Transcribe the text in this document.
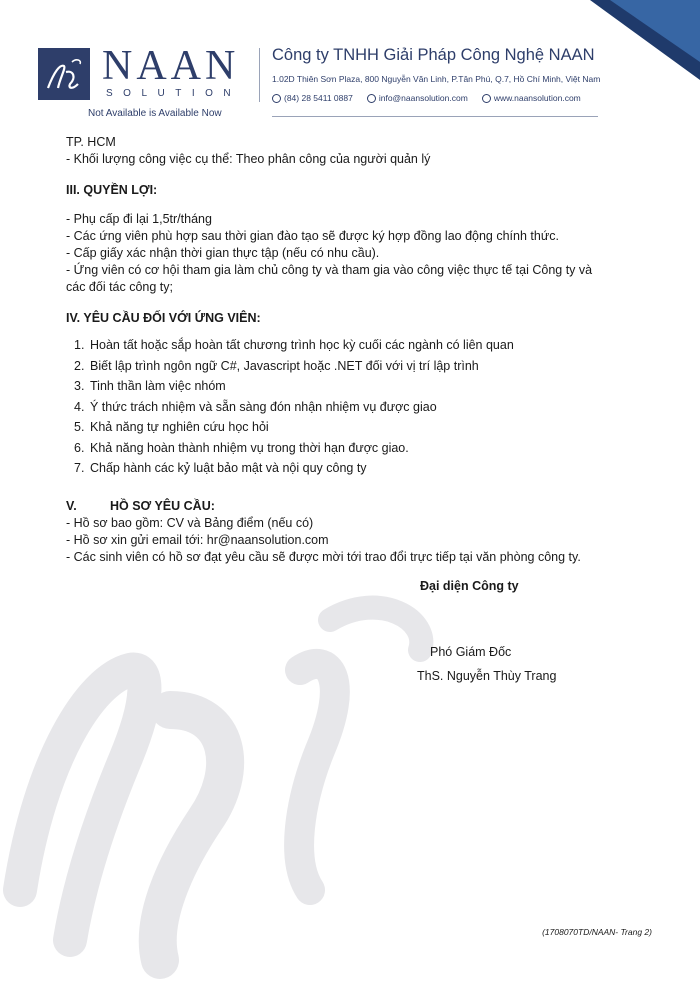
NAAN
SOLUTION
Not Available is Available Now
Công ty TNHH Giải Pháp Công Nghệ NAAN
1.02D Thiên Sơn Plaza, 800 Nguyễn Văn Linh, P.Tân Phú, Q.7, Hồ Chí Minh, Việt Nam
(84) 28 5411 0887	info@naansolution.com	www.naansolution.com

TP. HCM

- Khối lượng công việc cụ thể: Theo phân công của người quản lý

III. QUYỀN LỢI:

- Phụ cấp đi lại 1,5tr/tháng

- Các ứng viên phù hợp sau thời gian đào tạo sẽ được ký hợp đồng lao động chính thức.

- Cấp giấy xác nhận thời gian thực tập (nếu có nhu cầu).

- Ứng viên có cơ hội tham gia làm chủ công ty và tham gia vào công việc thực tế tại Công ty và

các đối tác công ty;

IV. YÊU CẦU ĐỐI VỚI ỨNG VIÊN:

1. Hoàn tất hoặc sắp hoàn tất chương trình học kỳ cuối các ngành có liên quan
2. Biết lập trình ngôn ngữ C#, Javascript hoặc .NET đối với vị trí lập trình
3. Tinh thần làm việc nhóm
4. Ý thức trách nhiệm và sẵn sàng đón nhận nhiệm vụ được giao
5. Khả năng tự nghiên cứu học hỏi
6. Khả năng hoàn thành nhiệm vụ trong thời hạn được giao.
7. Chấp hành các kỷ luật bảo mật và nội quy công ty

V.	HỒ SƠ YÊU CẦU:

- Hồ sơ bao gồm: CV và Bảng điểm (nếu có)

- Hồ sơ xin gửi email tới: hr@naansolution.com

- Các sinh viên có hồ sơ đạt yêu cầu sẽ được mời tới trao đổi trực tiếp tại văn phòng công ty.

Đại diện Công ty
Phó Giám Đốc
ThS. Nguyễn Thùy Trang
(1708070TD/NAAN- Trang 2)
